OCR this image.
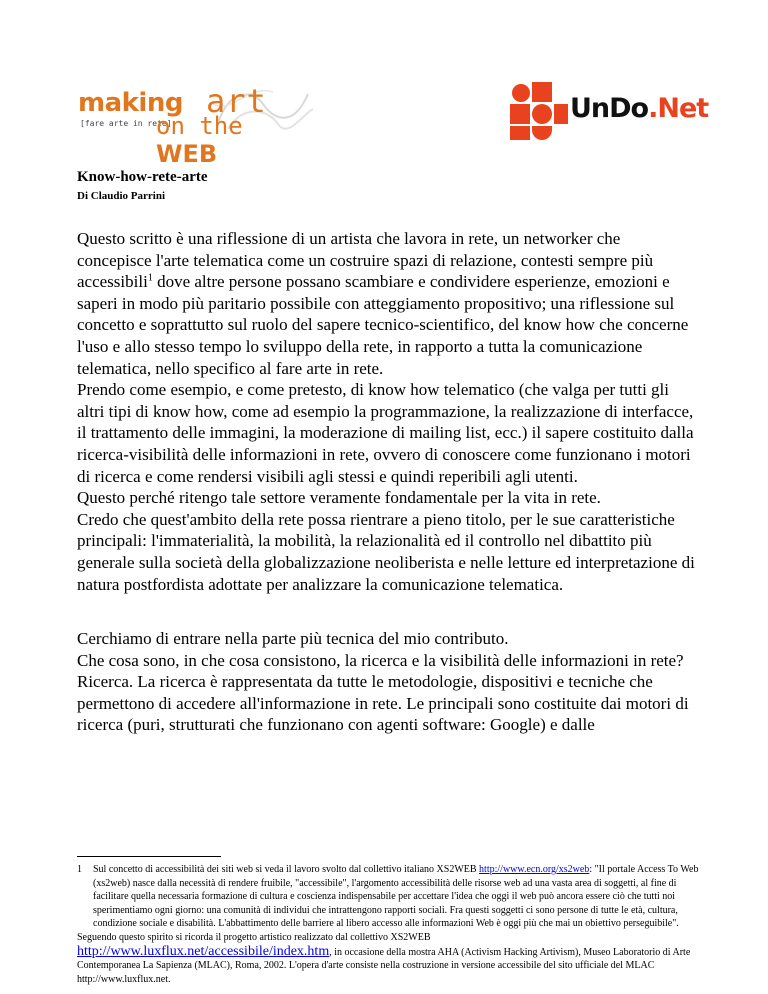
making art
[fare arte in rete]
on the WEB
UnDo.Net
Know-how-rete-arte
Di Claudio Parrini

Questo scritto è una riflessione di un artista che lavora in rete, un networker che concepisce l'arte telematica come un costruire spazi di relazione, contesti sempre più accessibili$^1$ dove altre persone possano scambiare e condividere esperienze, emozioni e saperi in modo più paritario possibile con atteggiamento propositivo; una riflessione sul concetto e soprattutto sul ruolo del sapere tecnico-scientifico, del know how che concerne l'uso e allo stesso tempo lo sviluppo della rete, in rapporto a tutta la comunicazione telematica, nello specifico al fare arte in rete.

Prendo come esempio, e come pretesto, di know how telematico (che valga per tutti gli altri tipi di know how, come ad esempio la programmazione, la realizzazione di interfacce, il trattamento delle immagini, la moderazione di mailing list, ecc.) il sapere costituito dalla ricerca-visibilità delle informazioni in rete, ovvero di conoscere come funzionano i motori di ricerca e come rendersi visibili agli stessi e quindi reperibili agli utenti.

Questo perché ritengo tale settore veramente fondamentale per la vita in rete.

Credo che quest'ambito della rete possa rientrare a pieno titolo, per le sue caratteristiche principali: l'immaterialità, la mobilità, la relazionalità ed il controllo nel dibattito più generale sulla società della globalizzazione neoliberista e nelle letture ed interpretazione di natura postfordista adottate per analizzare la comunicazione telematica.

Cerchiamo di entrare nella parte più tecnica del mio contributo.

Che cosa sono, in che cosa consistono, la ricerca e la visibilità delle informazioni in rete?

Ricerca. La ricerca è rappresentata da tutte le metodologie, dispositivi e tecniche che permettono di accedere all'informazione in rete. Le principali sono costituite dai motori di ricerca (puri, strutturati che funzionano con agenti software: Google) e dalle

1	Sul concetto di accessibilità dei siti web si veda il lavoro svolto dal collettivo italiano XS2WEB http://www.ecn.org/xs2web: "Il portale Access To Web (xs2web) nasce dalla necessità di rendere fruibile, "accessibile", l'argomento accessibilità delle risorse web ad una vasta area di soggetti, al fine di facilitare quella necessaria formazione di cultura e coscienza indispensabile per accettare l'idea che oggi il web può ancora essere ciò che tutti noi sperimentiamo ogni giorno: una comunità di individui che intrattengono rapporti sociali. Fra questi soggetti ci sono persone di tutte le età, cultura, condizione sociale e disabilità. L'abbattimento delle barriere al libero accesso alle informazioni Web è oggi più che mai un obiettivo perseguibile".
Seguendo questo spirito si ricorda il progetto artistico realizzato dal collettivo XS2WEB
http://www.luxflux.net/accessibile/index.htm, in occasione della mostra AHA (Activism Hacking Artivism), Museo Laboratorio di Arte Contemporanea La Sapienza (MLAC), Roma, 2002. L'opera d'arte consiste nella costruzione in versione accessibile del sito ufficiale del MLAC http://www.luxflux.net.
